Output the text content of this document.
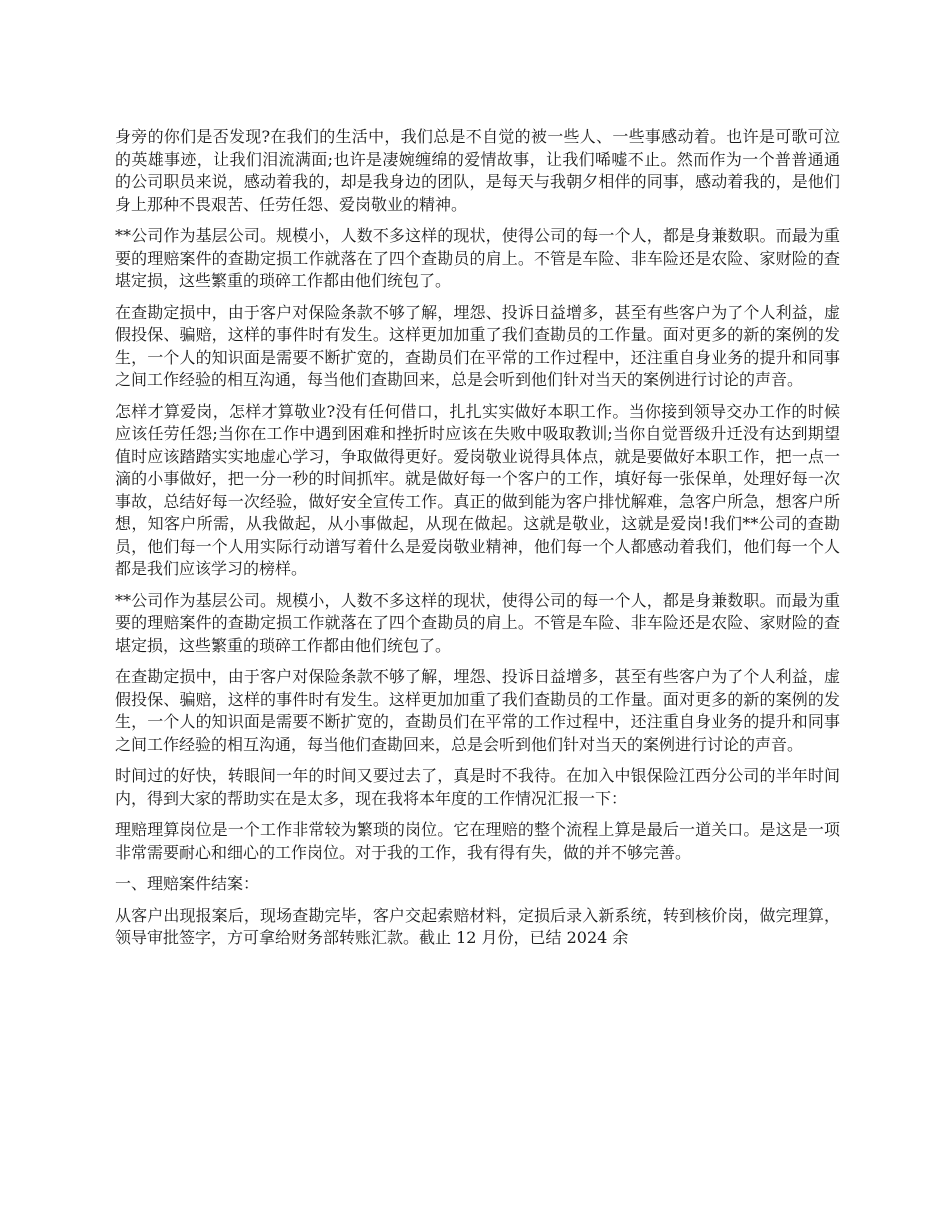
身旁的你们是否发现?在我们的生活中，我们总是不自觉的被一些人、一些事感动着。也许是可歌可泣的英雄事迹，让我们泪流满面;也许是凄婉缠绵的爱情故事，让我们唏嘘不止。然而作为一个普普通通的公司职员来说，感动着我的，却是我身边的团队，是每天与我朝夕相伴的同事，感动着我的，是他们身上那种不畏艰苦、任劳任怨、爱岗敬业的精神。

**公司作为基层公司。规模小，人数不多这样的现状，使得公司的每一个人，都是身兼数职。而最为重要的理赔案件的查勘定损工作就落在了四个查勘员的肩上。不管是车险、非车险还是农险、家财险的查堪定损，这些繁重的琐碎工作都由他们统包了。

在查勘定损中，由于客户对保险条款不够了解，埋怨、投诉日益增多，甚至有些客户为了个人利益，虚假投保、骗赔，这样的事件时有发生。这样更加加重了我们查勘员的工作量。面对更多的新的案例的发生，一个人的知识面是需要不断扩宽的，查勘员们在平常的工作过程中，还注重自身业务的提升和同事之间工作经验的相互沟通，每当他们查勘回来，总是会听到他们针对当天的案例进行讨论的声音。

怎样才算爱岗，怎样才算敬业?没有任何借口，扎扎实实做好本职工作。当你接到领导交办工作的时候应该任劳任怨;当你在工作中遇到困难和挫折时应该在失败中吸取教训;当你自觉晋级升迁没有达到期望值时应该踏踏实实地虚心学习，争取做得更好。爱岗敬业说得具体点，就是要做好本职工作，把一点一滴的小事做好，把一分一秒的时间抓牢。就是做好每一个客户的工作，填好每一张保单，处理好每一次事故，总结好每一次经验，做好安全宣传工作。真正的做到能为客户排忧解难，急客户所急，想客户所想，知客户所需，从我做起，从小事做起，从现在做起。这就是敬业，这就是爱岗!我们**公司的查勘员，他们每一个人用实际行动谱写着什么是爱岗敬业精神，他们每一个人都感动着我们，他们每一个人都是我们应该学习的榜样。

**公司作为基层公司。规模小，人数不多这样的现状，使得公司的每一个人，都是身兼数职。而最为重要的理赔案件的查勘定损工作就落在了四个查勘员的肩上。不管是车险、非车险还是农险、家财险的查堪定损，这些繁重的琐碎工作都由他们统包了。

在查勘定损中，由于客户对保险条款不够了解，埋怨、投诉日益增多，甚至有些客户为了个人利益，虚假投保、骗赔，这样的事件时有发生。这样更加加重了我们查勘员的工作量。面对更多的新的案例的发生，一个人的知识面是需要不断扩宽的，查勘员们在平常的工作过程中，还注重自身业务的提升和同事之间工作经验的相互沟通，每当他们查勘回来，总是会听到他们针对当天的案例进行讨论的声音。

时间过的好快，转眼间一年的时间又要过去了，真是时不我待。在加入中银保险江西分公司的半年时间内，得到大家的帮助实在是太多，现在我将本年度的工作情况汇报一下：

理赔理算岗位是一个工作非常较为繁琐的岗位。它在理赔的整个流程上算是最后一道关口。是这是一项非常需要耐心和细心的工作岗位。对于我的工作，我有得有失，做的并不够完善。

一、理赔案件结案：

从客户出现报案后，现场查勘完毕，客户交起索赔材料，定损后录入新系统，转到核价岗，做完理算，领导审批签字，方可拿给财务部转账汇款。截止 12 月份，已结 2024 余
